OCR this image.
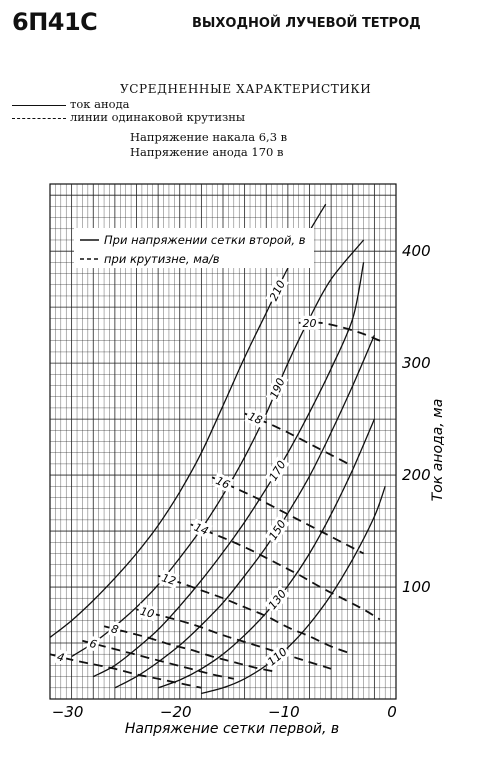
6П41С	ВЫХОДНОЙ ЛУЧЕВОЙ ТЕТРОД
УСРЕДНЕННЫЕ ХАРАКТЕРИСТИКИ
ток анода
линии одинаковой крутизны
Напряжение накала 6,3 в
Напряжение анода 170 в
20
18
16
14
12
10
8
6
4
210
190
170
150
130
110
−30	−20	−10	0
100
200
300
400
При напряжении сетки второй, в
при крутизне, ма/в
Напряжение сетки первой, в
Ток анода, ма
